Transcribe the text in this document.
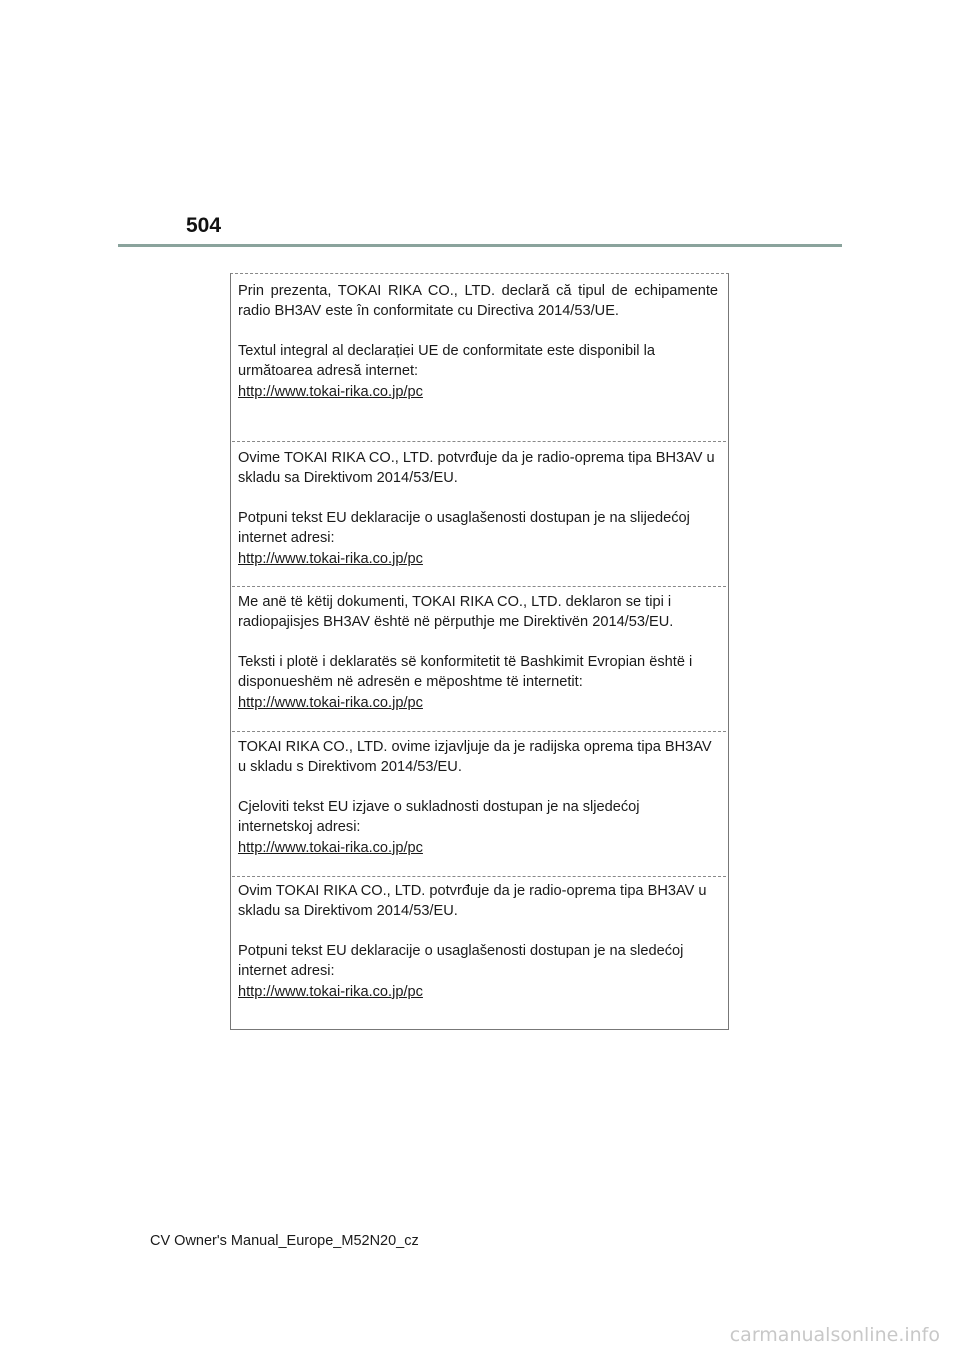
504

Prin prezenta, TOKAI RIKA CO., LTD. declară că tipul de echipamente radio BH3AV este în conformitate cu Directiva 2014/53/UE.

Textul integral al declarației UE de conformitate este disponibil la următoarea adresă internet:

http://www.tokai-rika.co.jp/pc

Ovime TOKAI RIKA CO., LTD. potvrđuje da je radio-oprema tipa BH3AV u skladu sa Direktivom 2014/53/EU.

Potpuni tekst EU deklaracije o usaglašenosti dostupan je na slijedećoj internet adresi:

http://www.tokai-rika.co.jp/pc

Me anë të këtij dokumenti, TOKAI RIKA CO., LTD. deklaron se tipi i radiopajisjes BH3AV është në përputhje me Direktivën 2014/53/EU.

Teksti i plotë i deklaratës së konformitetit të Bashkimit Evropian është i disponueshëm në adresën e mëposhtme të internetit:

http://www.tokai-rika.co.jp/pc

TOKAI RIKA CO., LTD. ovime izjavljuje da je radijska oprema tipa BH3AV u skladu s Direktivom 2014/53/EU.

Cjeloviti tekst EU izjave o sukladnosti dostupan je na sljedećoj internetskoj adresi:

http://www.tokai-rika.co.jp/pc

Ovim TOKAI RIKA CO., LTD. potvrđuje da je radio-oprema tipa BH3AV u skladu sa Direktivom 2014/53/EU.

Potpuni tekst EU deklaracije o usaglašenosti dostupan je na sledećoj internet adresi:

http://www.tokai-rika.co.jp/pc
CV Owner's Manual_Europe_M52N20_cz
carmanualsonline.info
